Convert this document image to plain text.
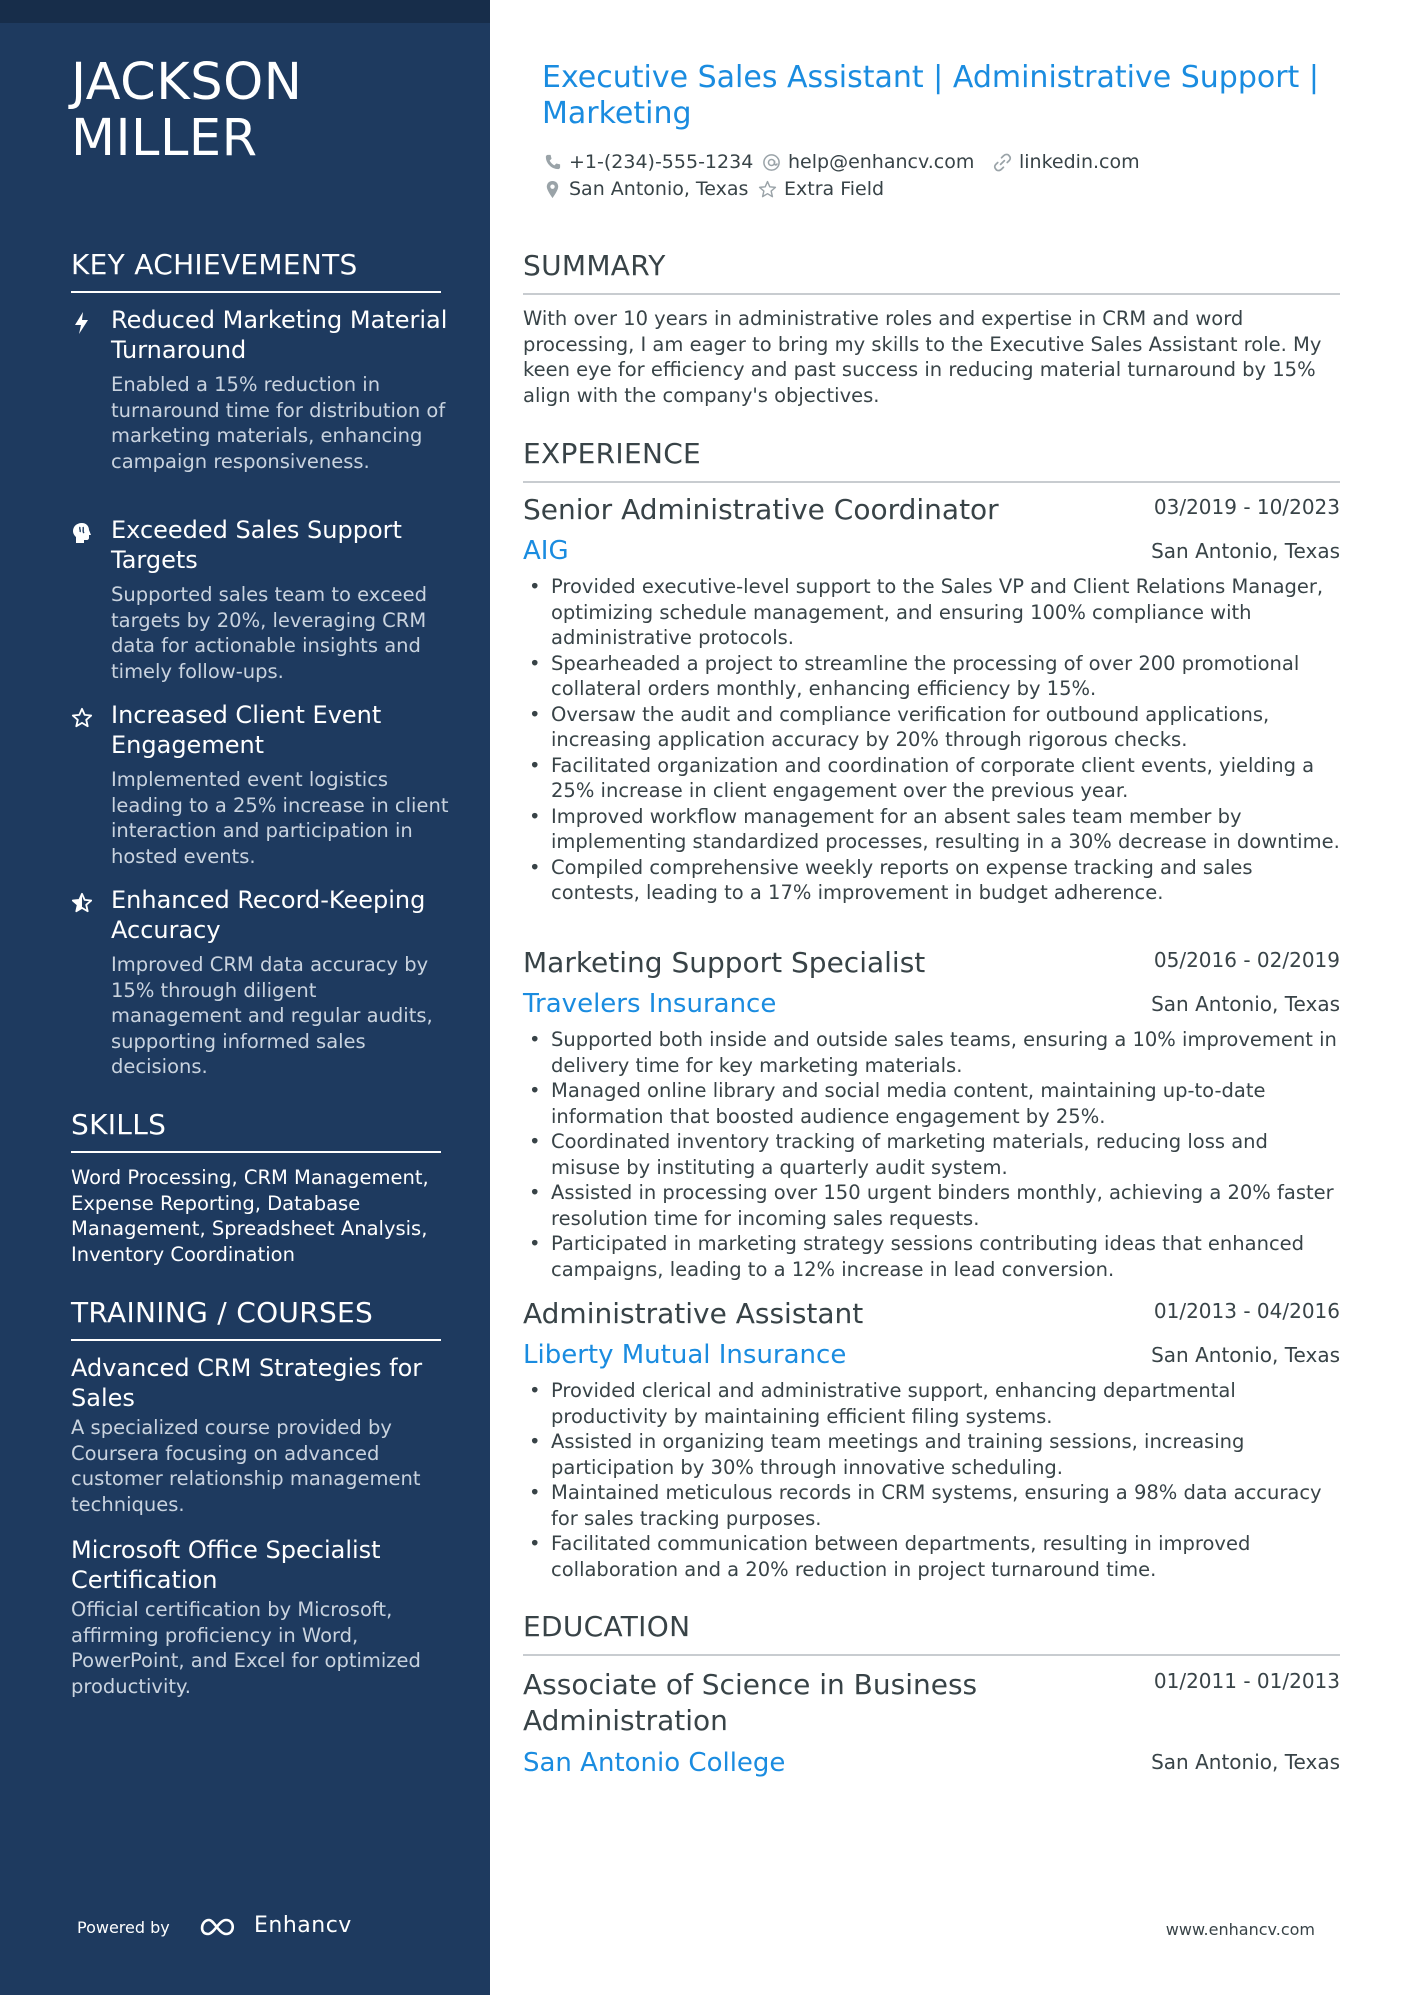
JACKSON
MILLER
KEY ACHIEVEMENTS
Reduced Marketing Material Turnaround
Enabled a 15% reduction in turnaround time for distribution of marketing materials, enhancing campaign responsiveness.
Exceeded Sales Support Targets
Supported sales team to exceed targets by 20%, leveraging CRM data for actionable insights and timely follow-ups.
Increased Client Event Engagement
Implemented event logistics leading to a 25% increase in client interaction and participation in hosted events.
Enhanced Record-Keeping Accuracy
Improved CRM data accuracy by 15% through diligent management and regular audits, supporting informed sales decisions.
SKILLS
Word Processing, CRM Management, Expense Reporting, Database Management, Spreadsheet Analysis, Inventory Coordination
TRAINING / COURSES
Advanced CRM Strategies for Sales
A specialized course provided by Coursera focusing on advanced customer relationship management techniques.
Microsoft Office Specialist Certification
Official certification by Microsoft, affirming proficiency in Word, PowerPoint, and Excel for optimized productivity.
Powered by	Enhancv
Executive Sales Assistant | Administrative Support | Marketing
+1-(234)-555-1234 help@enhancv.com linkedin.com
San Antonio, Texas Extra Field
SUMMARY
With over 10 years in administrative roles and expertise in CRM and word processing, I am eager to bring my skills to the Executive Sales Assistant role. My keen eye for efficiency and past success in reducing material turnaround by 15% align with the company's objectives.
EXPERIENCE
Senior Administrative Coordinator	03/2019 - 10/2023
AIG	San Antonio, Texas
• Provided executive-level support to the Sales VP and Client Relations Manager, optimizing schedule management, and ensuring 100% compliance with administrative protocols.
• Spearheaded a project to streamline the processing of over 200 promotional collateral orders monthly, enhancing efficiency by 15%.
• Oversaw the audit and compliance verification for outbound applications, increasing application accuracy by 20% through rigorous checks.
• Facilitated organization and coordination of corporate client events, yielding a 25% increase in client engagement over the previous year.
• Improved workflow management for an absent sales team member by implementing standardized processes, resulting in a 30% decrease in downtime.
• Compiled comprehensive weekly reports on expense tracking and sales contests, leading to a 17% improvement in budget adherence.
Marketing Support Specialist	05/2016 - 02/2019
Travelers Insurance	San Antonio, Texas
• Supported both inside and outside sales teams, ensuring a 10% improvement in delivery time for key marketing materials.
• Managed online library and social media content, maintaining up-to-date information that boosted audience engagement by 25%.
• Coordinated inventory tracking of marketing materials, reducing loss and misuse by instituting a quarterly audit system.
• Assisted in processing over 150 urgent binders monthly, achieving a 20% faster resolution time for incoming sales requests.
• Participated in marketing strategy sessions contributing ideas that enhanced campaigns, leading to a 12% increase in lead conversion.
Administrative Assistant	01/2013 - 04/2016
Liberty Mutual Insurance	San Antonio, Texas
• Provided clerical and administrative support, enhancing departmental productivity by maintaining efficient filing systems.
• Assisted in organizing team meetings and training sessions, increasing participation by 30% through innovative scheduling.
• Maintained meticulous records in CRM systems, ensuring a 98% data accuracy for sales tracking purposes.
• Facilitated communication between departments, resulting in improved collaboration and a 20% reduction in project turnaround time.
EDUCATION
Associate of Science in Business Administration
01/2011 - 01/2013
San Antonio College	San Antonio, Texas
www.enhancv.com
